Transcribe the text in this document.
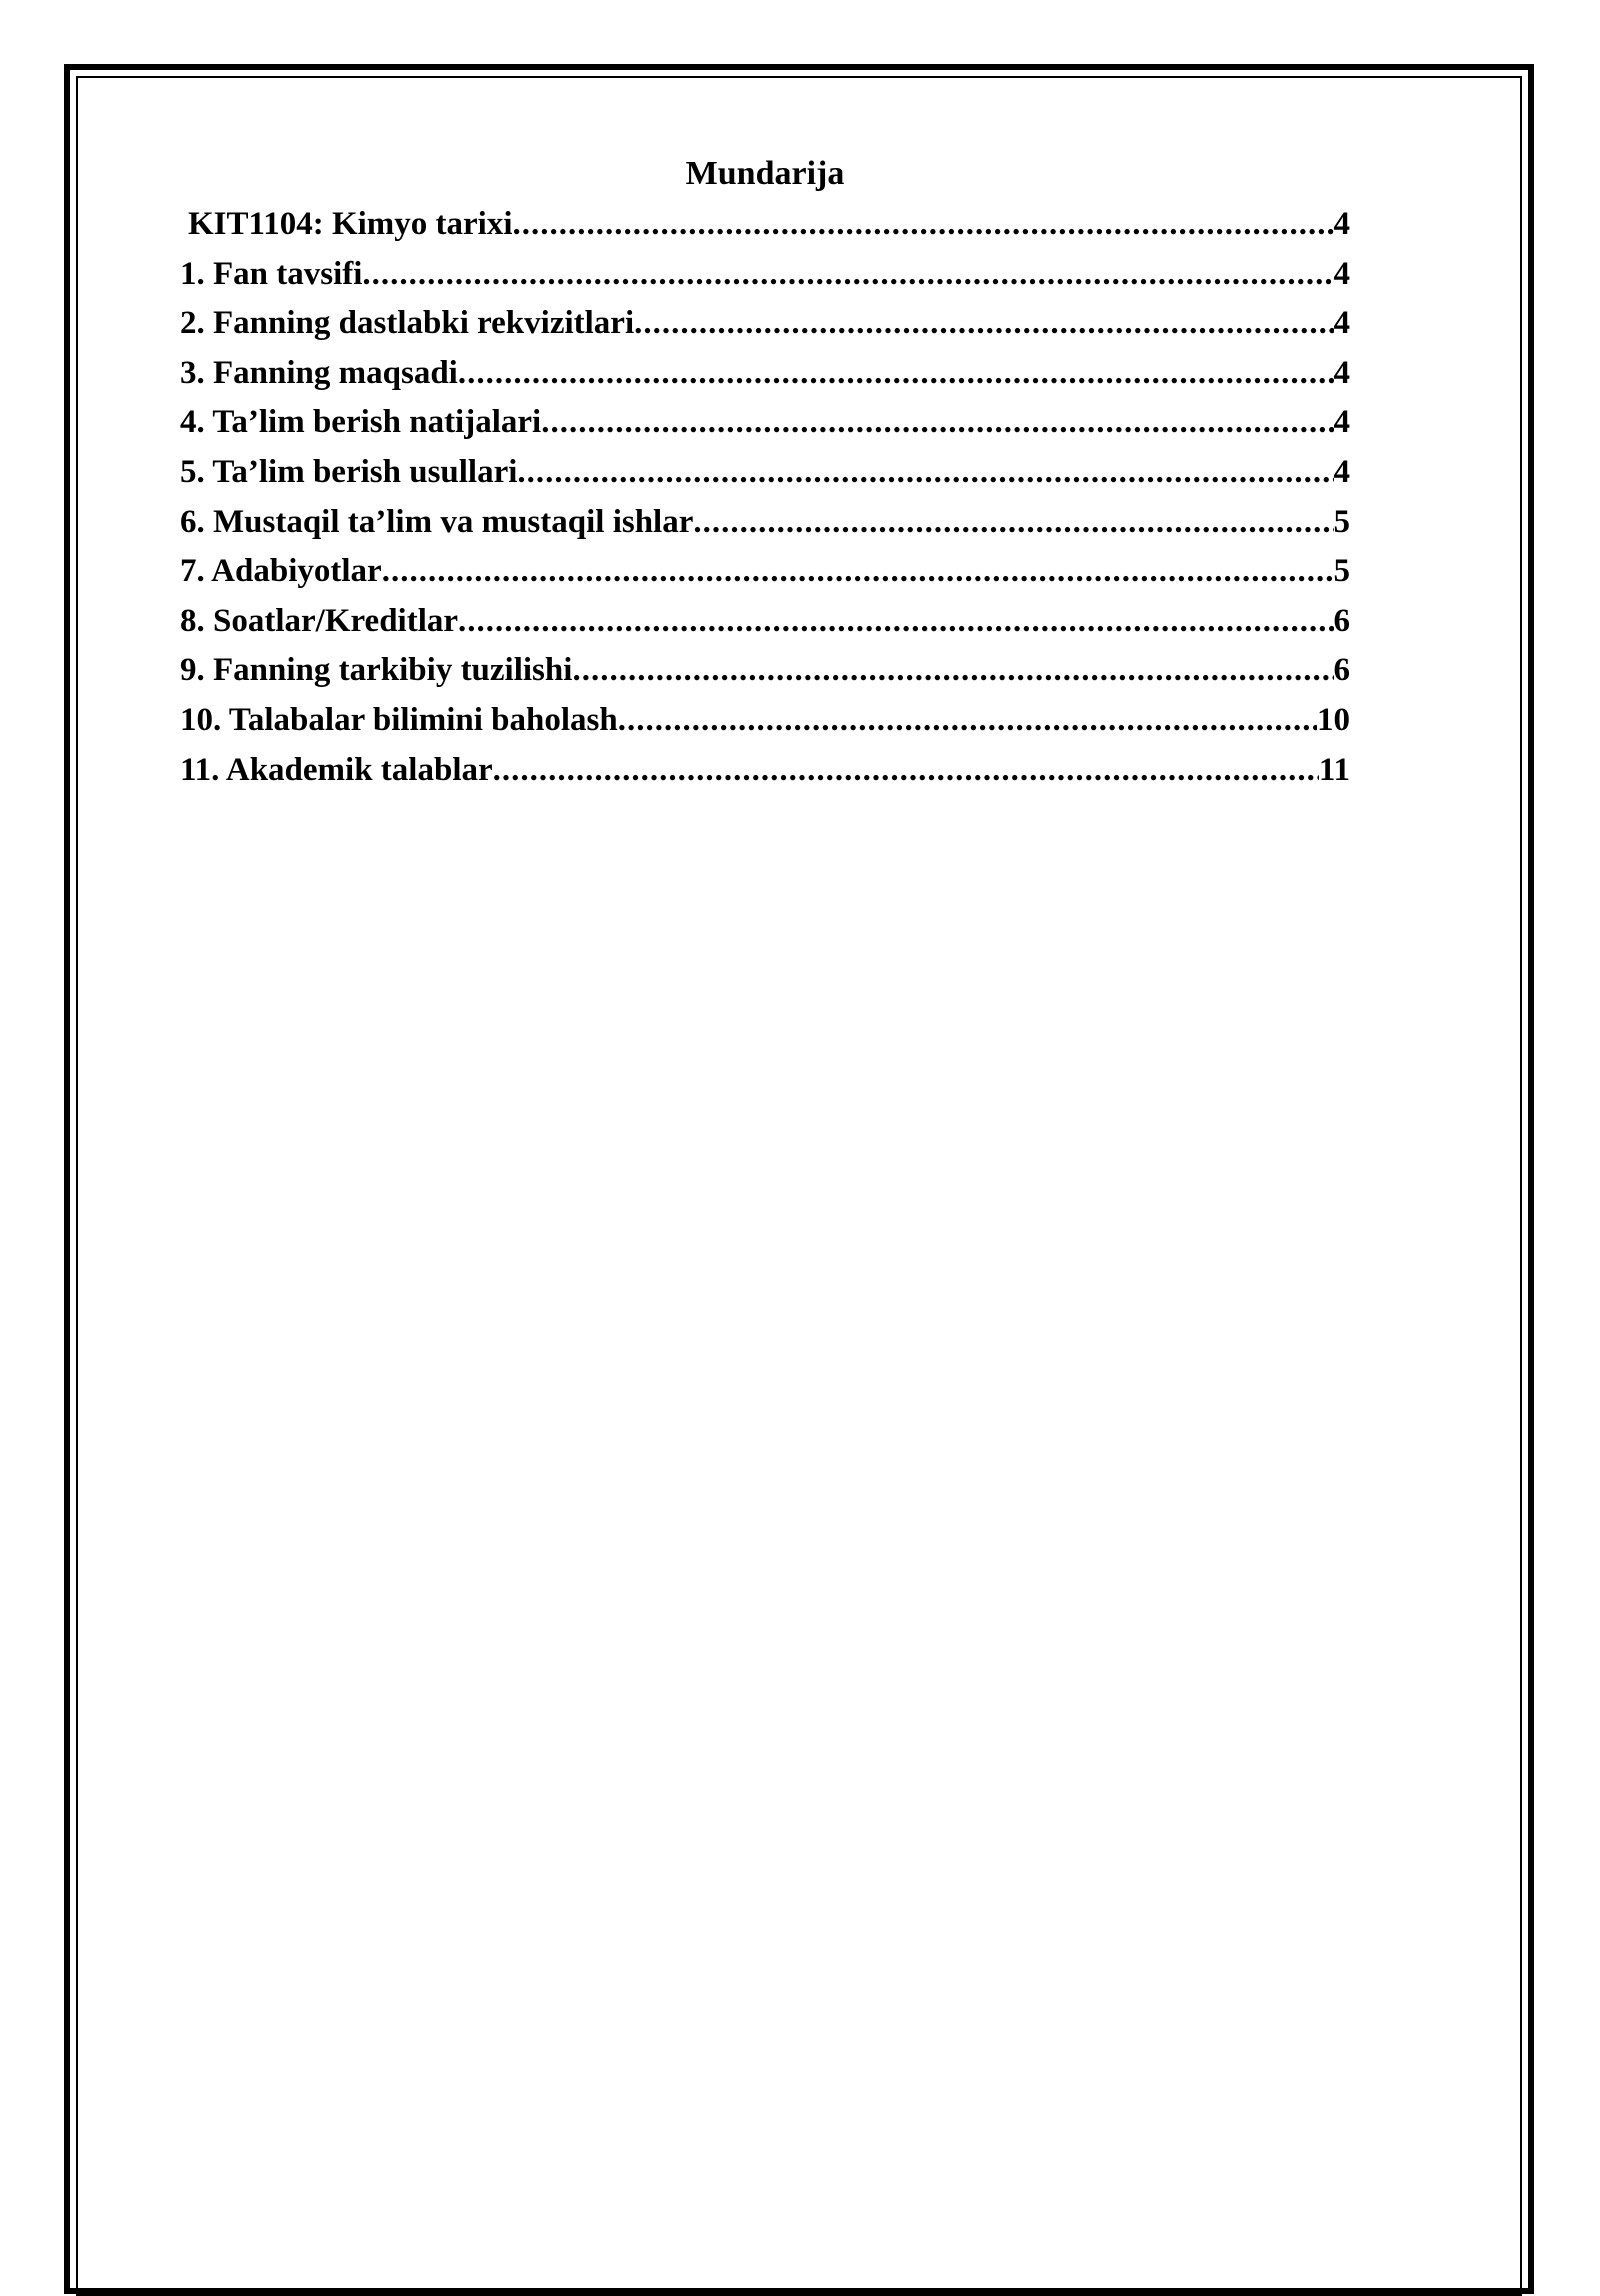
Mundarija
KIT1104: Kimyo tarixi .....	4
1. Fan tavsifi .....	4
2. Fanning dastlabki rekvizitlari .....	4
3. Fanning maqsadi .....	4
4. Ta’lim berish natijalari .....	4
5. Ta’lim berish usullari .....	4
6. Mustaqil ta’lim va mustaqil ishlar .....	5
7. Adabiyotlar .....	5
8. Soatlar/Kreditlar .....	6
9. Fanning tarkibiy tuzilishi .....	6
10. Talabalar bilimini baholash .....	10
11. Akademik talablar .....	11
